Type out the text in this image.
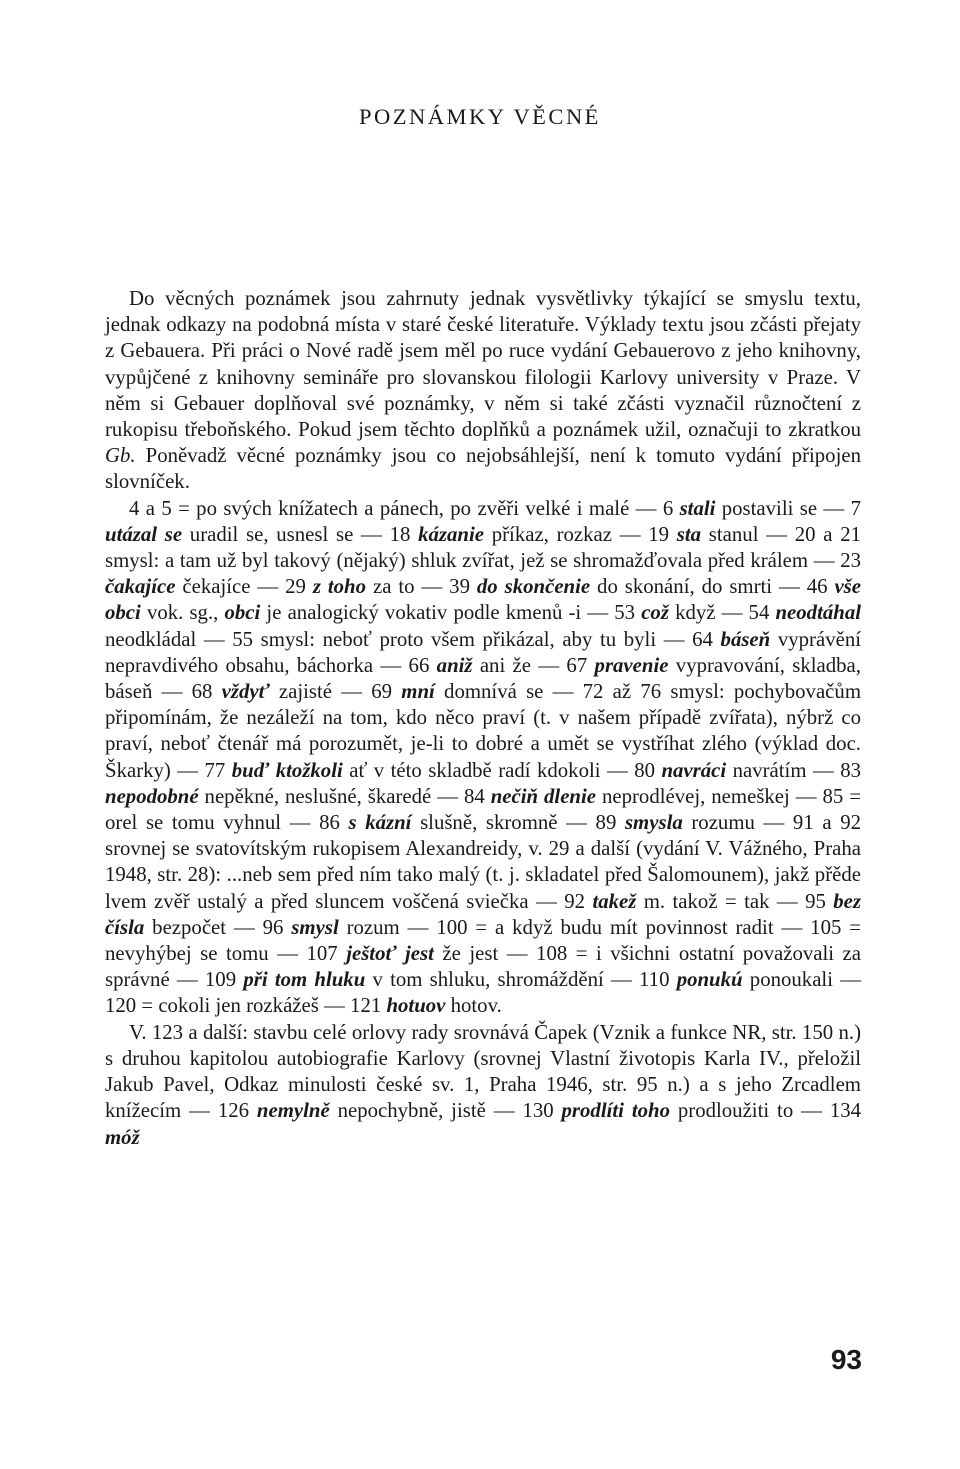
POZNÁMKY VĚCNÉ

Do věcných poznámek jsou zahrnuty jednak vysvětlivky týkající se smyslu textu, jednak odkazy na podobná místa v staré české literatuře. Výklady textu jsou zčásti přejaty z Gebauera. Při práci o Nové radě jsem měl po ruce vydání Gebauerovo z jeho knihovny, vypůjčené z knihovny semináře pro slovanskou filologii Karlovy university v Praze. V něm si Gebauer doplňoval své poznámky, v něm si také zčásti vyznačil různočtení z rukopisu třeboňského. Pokud jsem těchto doplňků a poznámek užil, označuji to zkratkou Gb. Poněvadž věcné poznámky jsou co nejobsáhlejší, není k tomuto vydání připojen slovníček.

4 a 5 = po svých knížatech a pánech, po zvěři velké i malé — 6 stali postavili se — 7 utázal se uradil se, usnesl se — 18 kázanie příkaz, rozkaz — 19 sta stanul — 20 a 21 smysl: a tam už byl takový (nějaký) shluk zvířat, jež se shromažďovala před králem — 23 čakajíce čekajíce — 29 z toho za to — 39 do skončenie do skonání, do smrti — 46 vše obci vok. sg., obci je analogický vokativ podle kmenů -i — 53 což když — 54 neodtáhal neodkládal — 55 smysl: neboť proto všem přikázal, aby tu byli — 64 báseň vyprávění nepravdivého obsahu, báchorka — 66 aniž ani že — 67 pravenie vypravování, skladba, báseň — 68 vždyť zajisté — 69 mní domnívá se — 72 až 76 smysl: pochybovačům připomínám, že nezáleží na tom, kdo něco praví (t. v našem případě zvířata), nýbrž co praví, neboť čtenář má porozumět, je-li to dobré a umět se vystříhat zlého (výklad doc. Škarky) — 77 buď ktožkoli ať v této skladbě radí kdokoli — 80 navráci navrátím — 83 nepodobné nepěkné, neslušné, škaredé — 84 nečiň dlenie neprodlévej, nemeškej — 85 = orel se tomu vyhnul — 86 s kázní slušně, skromně — 89 smysla rozumu — 91 a 92 srovnej se svatovítským rukopisem Alexandreidy, v. 29 a další (vydání V. Vážného, Praha 1948, str. 28): ...neb sem před ním tako malý (t. j. skladatel před Šalomounem), jakž přěde lvem zvěř ustalý a před sluncem voščená sviečka — 92 takež m. takož = tak — 95 bez čísla bezpočet — 96 smysl rozum — 100 = a když budu mít povinnost radit — 105 = nevyhýbej se tomu — 107 ještoť jest že jest — 108 = i všichni ostatní považovali za správné — 109 při tom hluku v tom shluku, shromáždění — 110 ponukú ponoukali — 120 = cokoli jen rozkážeš — 121 hotuov hotov.

V. 123 a další: stavbu celé orlovy rady srovnává Čapek (Vznik a funkce NR, str. 150 n.) s druhou kapitolou autobiografie Karlovy (srovnej Vlastní životopis Karla IV., přeložil Jakub Pavel, Odkaz minulosti české sv. 1, Praha 1946, str. 95 n.) a s jeho Zrcadlem knížecím — 126 nemylně nepochybně, jistě — 130 prodlíti toho prodloužiti to — 134 móž

93
